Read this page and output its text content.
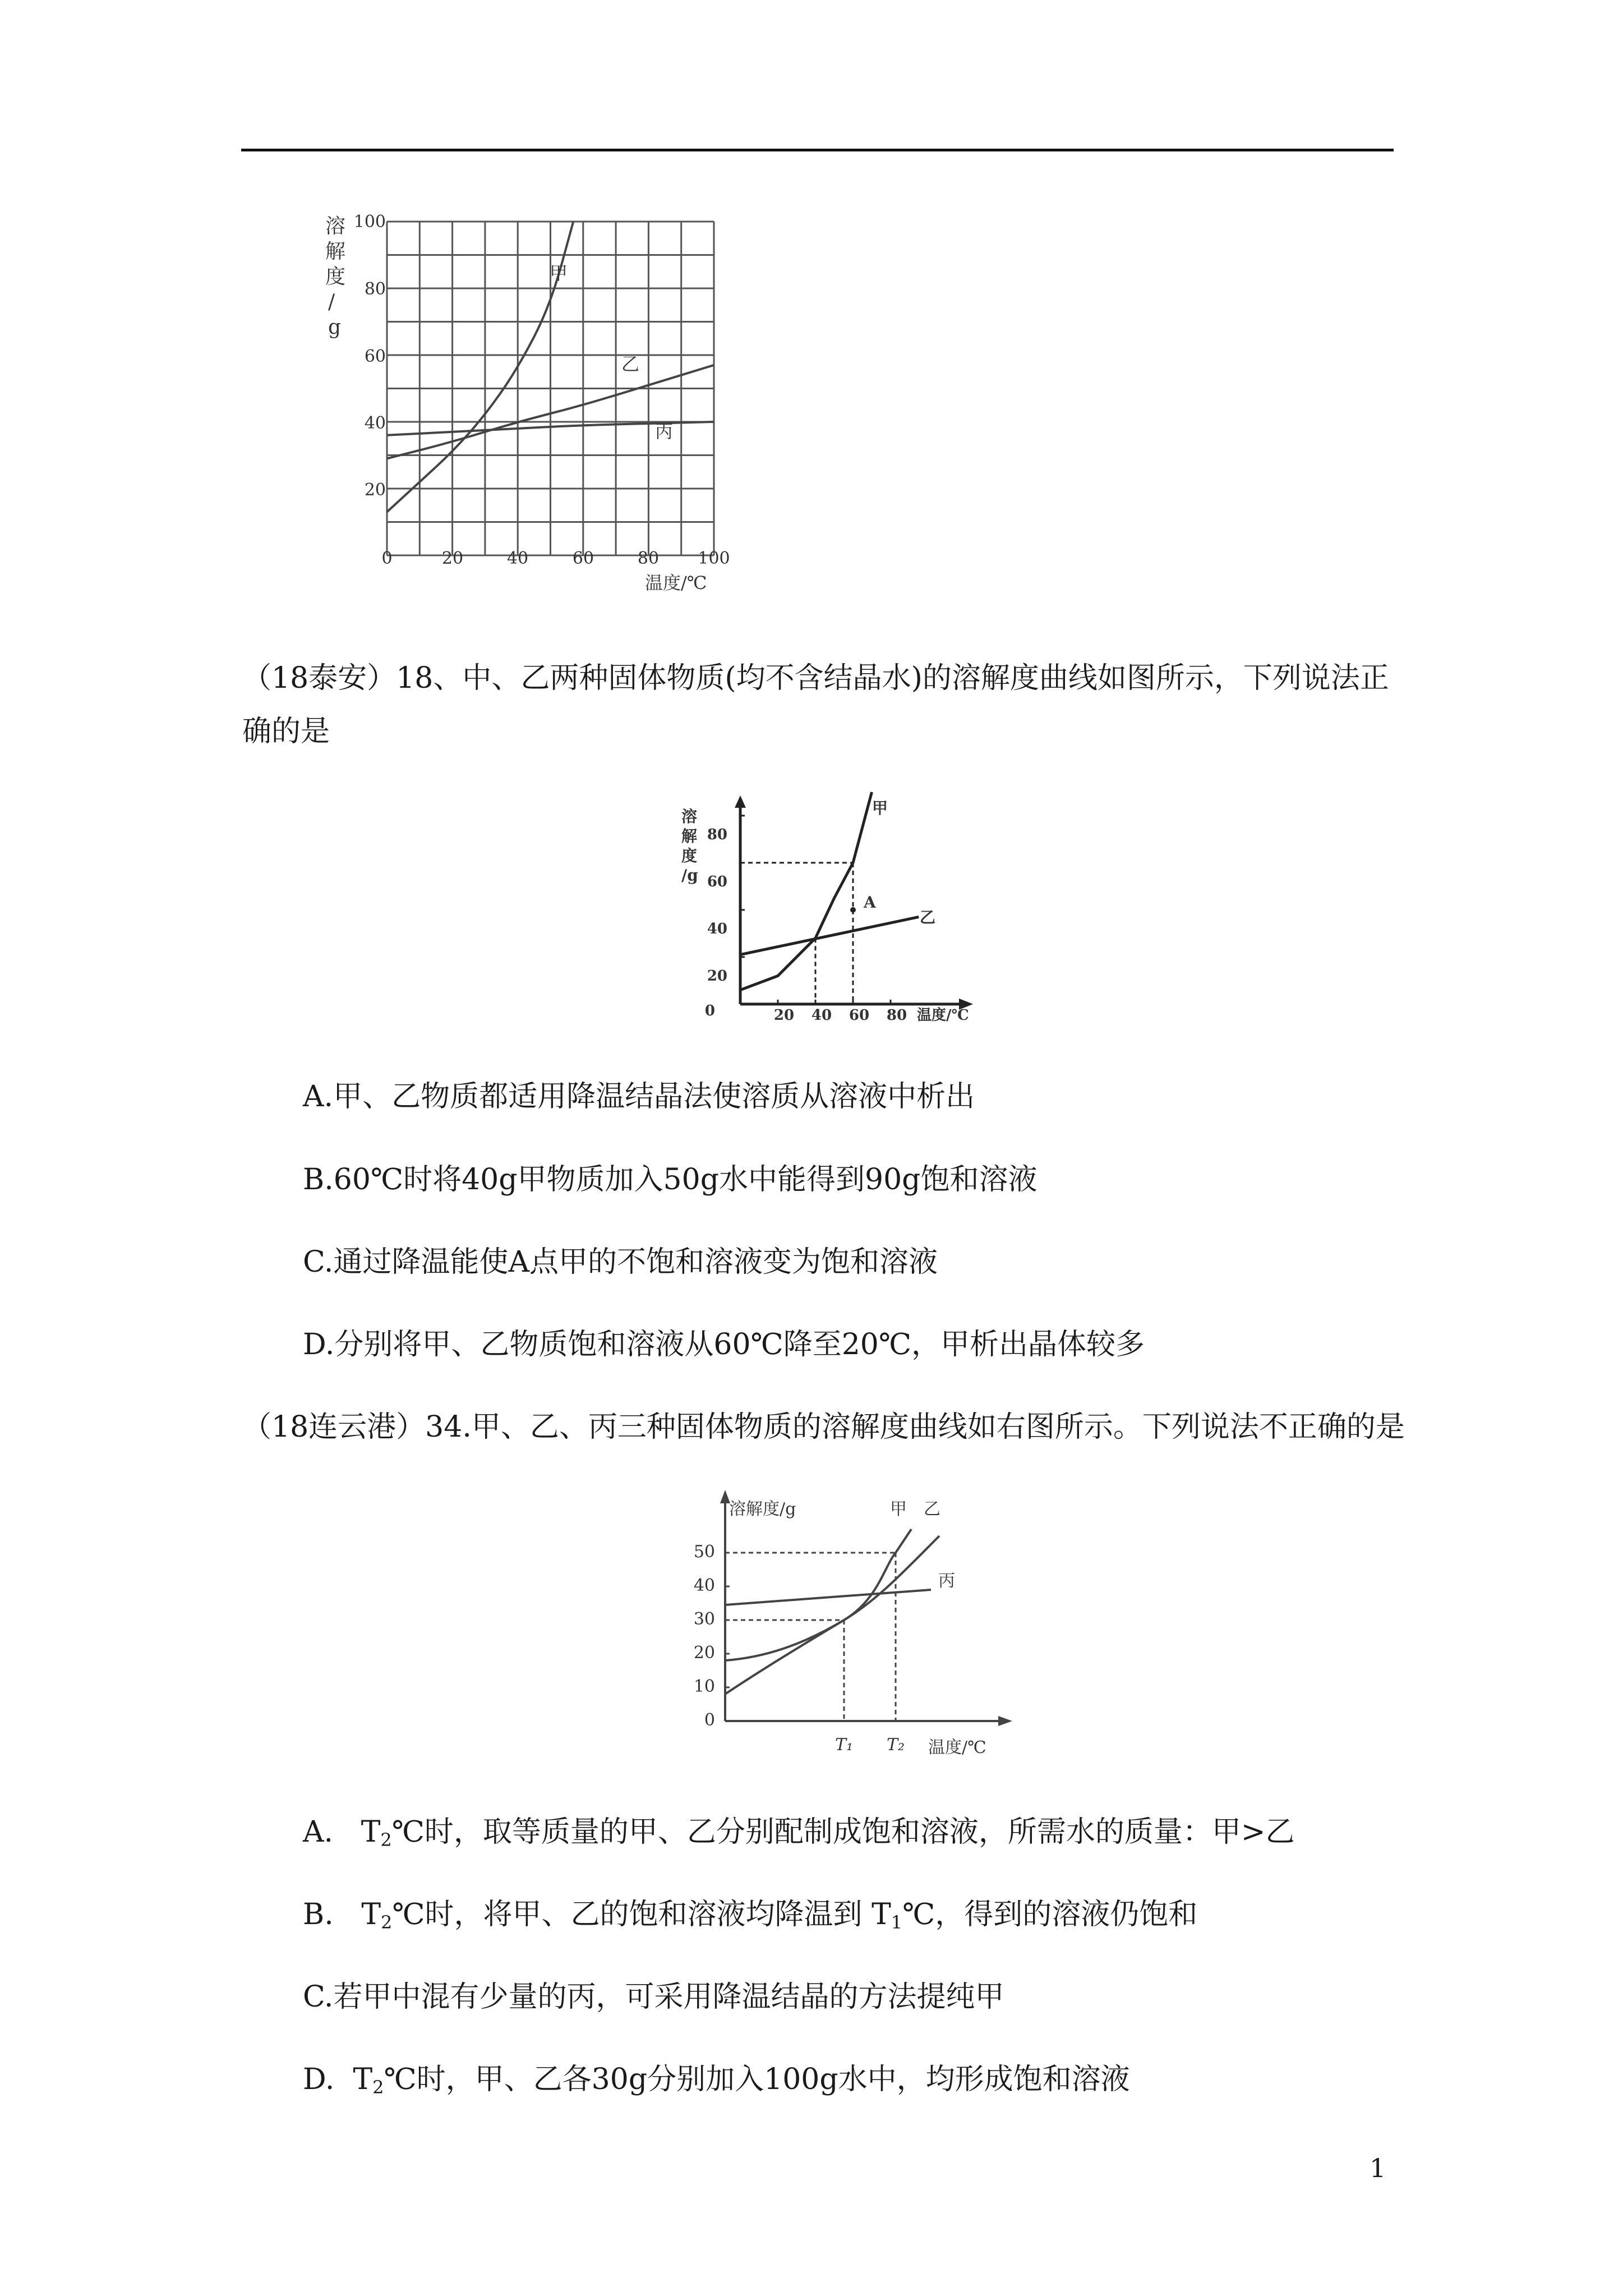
溶
解
度
/
g
100
80
60
40
20
0	20	40	60	80 100
温度/℃
甲
乙
丙
（18泰安）18、中、乙两种固体物质(均不含结晶水)的溶解度曲线如图所示，下列说法正
确的是
溶
解
度
/g
80
60
40
20
0	20 40 60 80 温度/℃
甲
乙
A
A.甲、乙物质都适用降温结晶法使溶质从溶液中析出
B.60℃时将40g甲物质加入50g水中能得到90g饱和溶液
C.通过降温能使A点甲的不饱和溶液变为饱和溶液
D.分别将甲、乙物质饱和溶液从60℃降至20℃，甲析出晶体较多
（18连云港）34.甲、乙、丙三种固体物质的溶解度曲线如右图所示。下列说法不正确的是
溶解度/g
50
40
30
20
10
0
T₁ T₂ 温度/℃
甲 乙
丙
A. $T_2℃$时，取等质量的甲、乙分别配制成饱和溶液，所需水的质量：甲>乙
B. $T_2℃$时，将甲、乙的饱和溶液均降温到 $T_1℃$，得到的溶液仍饱和
C.若甲中混有少量的丙，可采用降温结晶的方法提纯甲
D. $T_2℃$时，甲、乙各30g分别加入100g水中，均形成饱和溶液
1
